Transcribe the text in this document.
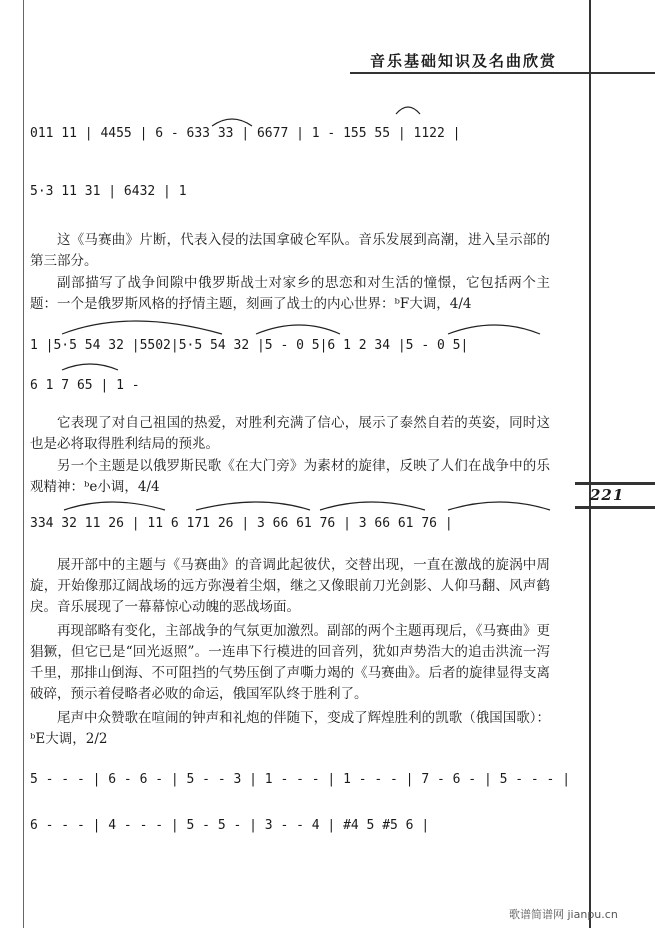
音乐基础知识及名曲欣赏
221
011 11 | 4455 | 6 - 633 33 | 6677 | 1 - 155 55 | 1122 |
5·3 11 31 | 6432 | 1
这《马赛曲》片断，代表入侵的法国拿破仑军队。音乐发展到高潮，进入呈示部的第三部分。
副部描写了战争间隙中俄罗斯战士对家乡的思恋和对生活的憧憬，它包括两个主题：一个是俄罗斯风格的抒情主题，刻画了战士的内心世界：ᵇF大调，4/4
1 |5·5 54 32 |5502|5·5 54 32 |5 - 0 5|6 1 2 34 |5 - 0 5|
6 1 7 65 | 1 -
它表现了对自己祖国的热爱，对胜利充满了信心，展示了泰然自若的英姿，同时这也是必将取得胜利结局的预兆。
另一个主题是以俄罗斯民歌《在大门旁》为素材的旋律，反映了人们在战争中的乐观精神：ᵇe小调，4/4
334 32 11 26 | 11 6 171 26 | 3 66 61 76 | 3 66 61 76 |
展开部中的主题与《马赛曲》的音调此起彼伏，交替出现，一直在激战的旋涡中周旋，开始像那辽阔战场的远方弥漫着尘烟，继之又像眼前刀光剑影、人仰马翻、风声鹤戾。音乐展现了一幕幕惊心动魄的恶战场面。
再现部略有变化，主部战争的气氛更加激烈。副部的两个主题再现后，《马赛曲》更猖獗，但它已是“回光返照”。一连串下行模进的回音列，犹如声势浩大的追击洪流一泻千里，那排山倒海、不可阻挡的气势压倒了声嘶力竭的《马赛曲》。后者的旋律显得支离破碎，预示着侵略者必败的命运，俄国军队终于胜利了。
尾声中众赞歌在喧闹的钟声和礼炮的伴随下，变成了辉煌胜利的凯歌（俄国国歌）：ᵇE大调，2/2
5 - - - | 6 - 6 - | 5 - - 3 | 1 - - - | 1 - - - | 7 - 6 - | 5 - - - |
6 - - - | 4 - - - | 5 - 5 - | 3 - - 4 | #4 5 #5 6 |
歌谱简谱网 jianpu.cn
